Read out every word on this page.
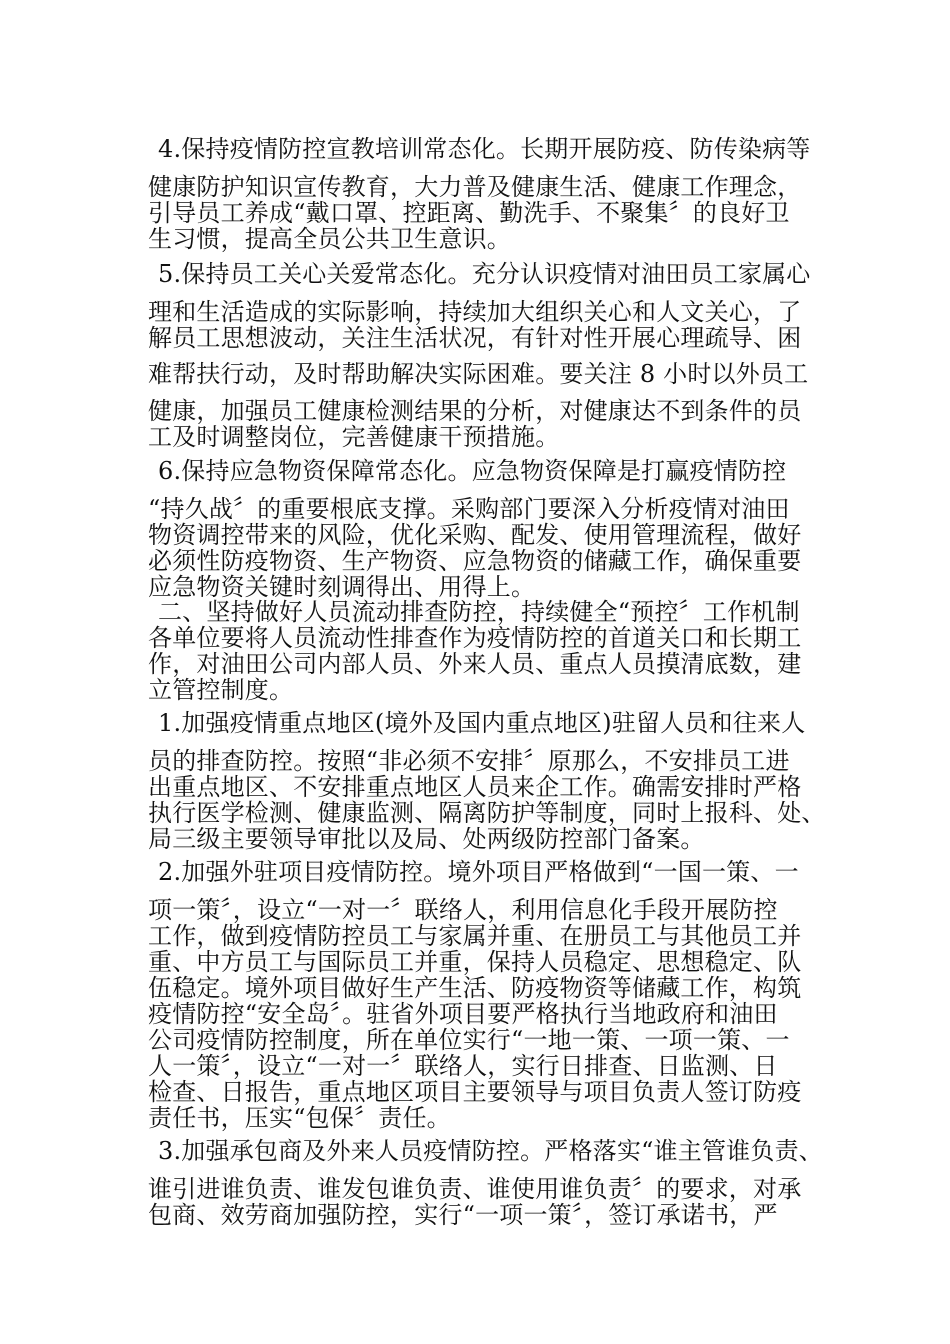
4.保持疫情防控宣教培训常态化。长期开展防疫、防传染病等

健康防护知识宣传教育，大力普及健康生活、健康工作理念，

引导员工养成“戴口罩、控距离、勤洗手、不聚集〞的良好卫

生习惯，提高全员公共卫生意识。

5.保持员工关心关爱常态化。充分认识疫情对油田员工家属心

理和生活造成的实际影响，持续加大组织关心和人文关心，了

解员工思想波动，关注生活状况，有针对性开展心理疏导、困

难帮扶行动，及时帮助解决实际困难。要关注 8 小时以外员工

健康，加强员工健康检测结果的分析，对健康达不到条件的员

工及时调整岗位，完善健康干预措施。

6.保持应急物资保障常态化。应急物资保障是打赢疫情防控

“持久战〞的重要根底支撑。采购部门要深入分析疫情对油田

物资调控带来的风险，优化采购、配发、使用管理流程，做好

必须性防疫物资、生产物资、应急物资的储藏工作，确保重要

应急物资关键时刻调得出、用得上。

二、坚持做好人员流动排查防控，持续健全“预控〞工作机制

各单位要将人员流动性排查作为疫情防控的首道关口和长期工

作，对油田公司内部人员、外来人员、重点人员摸清底数，建

立管控制度。

1.加强疫情重点地区(境外及国内重点地区)驻留人员和往来人

员的排查防控。按照“非必须不安排〞原那么，不安排员工进

出重点地区、不安排重点地区人员来企工作。确需安排时严格

执行医学检测、健康监测、隔离防护等制度，同时上报科、处、

局三级主要领导审批以及局、处两级防控部门备案。

2.加强外驻项目疫情防控。境外项目严格做到“一国一策、一

项一策〞，设立“一对一〞联络人，利用信息化手段开展防控

工作，做到疫情防控员工与家属并重、在册员工与其他员工并

重、中方员工与国际员工并重，保持人员稳定、思想稳定、队

伍稳定。境外项目做好生产生活、防疫物资等储藏工作，构筑

疫情防控“安全岛〞。驻省外项目要严格执行当地政府和油田

公司疫情防控制度，所在单位实行“一地一策、一项一策、一

人一策〞，设立“一对一〞联络人，实行日排查、日监测、日

检查、日报告，重点地区项目主要领导与项目负责人签订防疫

责任书，压实“包保〞责任。

3.加强承包商及外来人员疫情防控。严格落实“谁主管谁负责、

谁引进谁负责、谁发包谁负责、谁使用谁负责〞的要求，对承

包商、效劳商加强防控，实行“一项一策〞，签订承诺书，严
